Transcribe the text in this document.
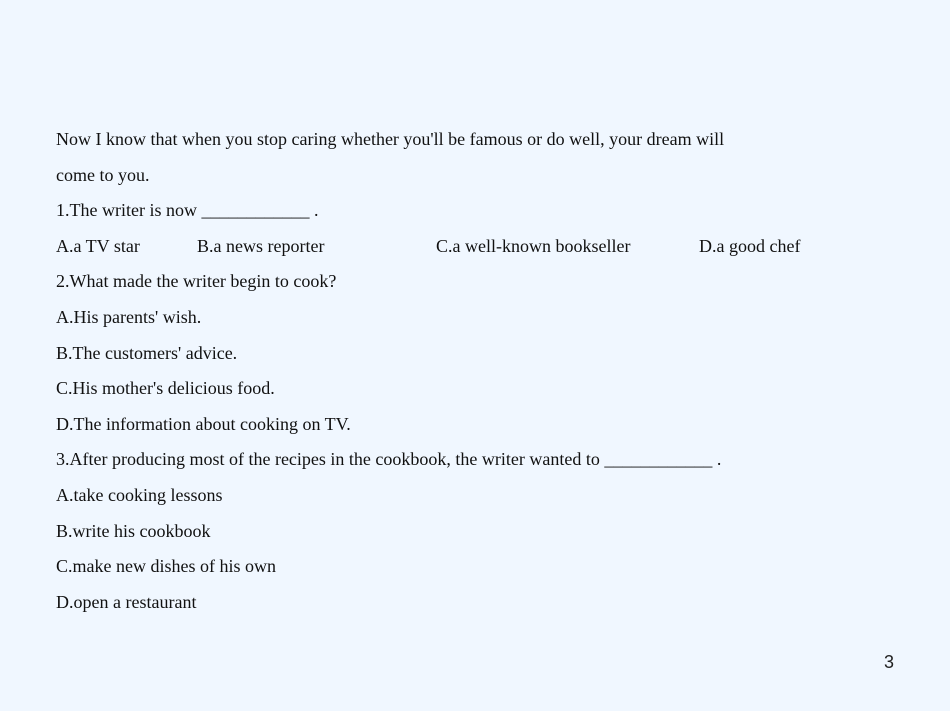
Now I know that when you stop caring whether you'll be famous or do well, your dream will
come to you.
1.The writer is now ____________ .
A.a TV star	B.a news reporter	C.a well-known bookseller	D.a good chef
2.What made the writer begin to cook?
A.His parents' wish.
B.The customers' advice.
C.His mother's delicious food.
D.The information about cooking on TV.
3.After producing most of the recipes in the cookbook, the writer wanted to ____________ .
A.take cooking lessons
B.write his cookbook
C.make new dishes of his own
D.open a restaurant
3
